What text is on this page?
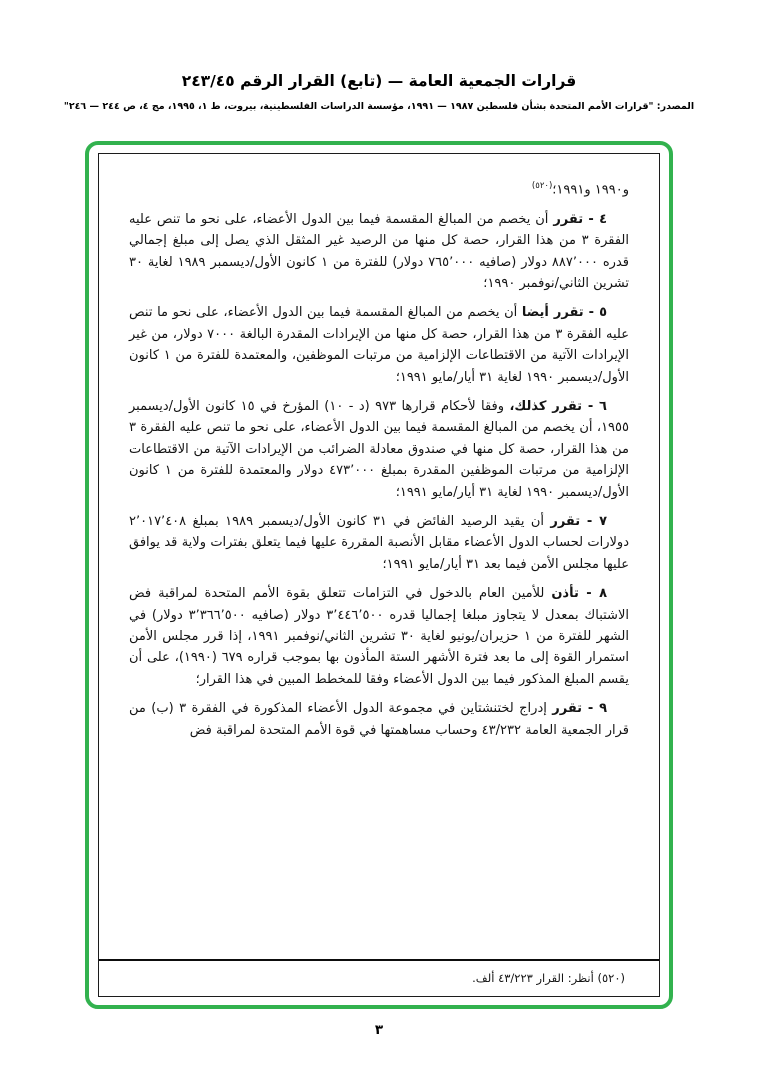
قرارات الجمعية العامة — (تابع) القرار الرقم ٢٤٣/٤٥
المصدر: "قرارات الأمم المتحدة بشأن فلسطين ١٩٨٧ — ١٩٩١، مؤسسة الدراسات الفلسطينية، بيروت، ط ١، ١٩٩٥، مج ٤، ص ٢٤٤ — ٢٤٦"

و١٩٩٠ و١٩٩١؛$^{(٥٢٠)}$

٤ - تقرر أن يخصم من المبالغ المقسمة فيما بين الدول الأعضاء، على نحو ما تنص عليه الفقرة ٣ من هذا القرار، حصة كل منها من الرصيد غير المثقل الذي يصل إلى مبلغ إجمالي قدره ٨٨٧٬٠٠٠ دولار (صافيه ٧٦٥٬٠٠٠ دولار) للفترة من ١ كانون الأول/ديسمبر ١٩٨٩ لغاية ٣٠ تشرين الثاني/نوفمبر ١٩٩٠؛

٥ - تقرر أيضا أن يخصم من المبالغ المقسمة فيما بين الدول الأعضاء، على نحو ما تنص عليه الفقرة ٣ من هذا القرار، حصة كل منها من الإيرادات المقدرة البالغة ٧٠٠٠ دولار، من غير الإيرادات الآتية من الاقتطاعات الإلزامية من مرتبات الموظفين، والمعتمدة للفترة من ١ كانون الأول/ديسمبر ١٩٩٠ لغاية ٣١ أيار/مايو ١٩٩١؛

٦ - تقرر كذلك، وفقا لأحكام قرارها ٩٧٣ (د - ١٠) المؤرخ في ١٥ كانون الأول/ديسمبر ١٩٥٥، أن يخصم من المبالغ المقسمة فيما بين الدول الأعضاء، على نحو ما تنص عليه الفقرة ٣ من هذا القرار، حصة كل منها في صندوق معادلة الضرائب من الإيرادات الآتية من الاقتطاعات الإلزامية من مرتبات الموظفين المقدرة بمبلغ ٤٧٣٬٠٠٠ دولار والمعتمدة للفترة من ١ كانون الأول/ديسمبر ١٩٩٠ لغاية ٣١ أيار/مايو ١٩٩١؛

٧ - تقرر أن يقيد الرصيد الفائض في ٣١ كانون الأول/ديسمبر ١٩٨٩ بمبلغ ٢٬٠١٧٬٤٠٨ دولارات لحساب الدول الأعضاء مقابل الأنصبة المقررة عليها فيما يتعلق بفترات ولاية قد يوافق عليها مجلس الأمن فيما بعد ٣١ أيار/مايو ١٩٩١؛

٨ - تأذن للأمين العام بالدخول في التزامات تتعلق بقوة الأمم المتحدة لمراقبة فض الاشتباك بمعدل لا يتجاوز مبلغا إجماليا قدره ٣٬٤٤٦٬٥٠٠ دولار (صافيه ٣٬٣٦٦٬٥٠٠ دولار) في الشهر للفترة من ١ حزيران/يونيو لغاية ٣٠ تشرين الثاني/نوفمبر ١٩٩١، إذا قرر مجلس الأمن استمرار القوة إلى ما بعد فترة الأشهر الستة المأذون بها بموجب قراره ٦٧٩ (١٩٩٠)، على أن يقسم المبلغ المذكور فيما بين الدول الأعضاء وفقا للمخطط المبين في هذا القرار؛

٩ - تقرر إدراج لختنشتاين في مجموعة الدول الأعضاء المذكورة في الفقرة ٣ (ب) من قرار الجمعية العامة ٤٣/٢٣٢ وحساب مساهمتها في قوة الأمم المتحدة لمراقبة فض

(٥٢٠) أنظر: القرار ٤٣/٢٢٣ ألف.

٣
